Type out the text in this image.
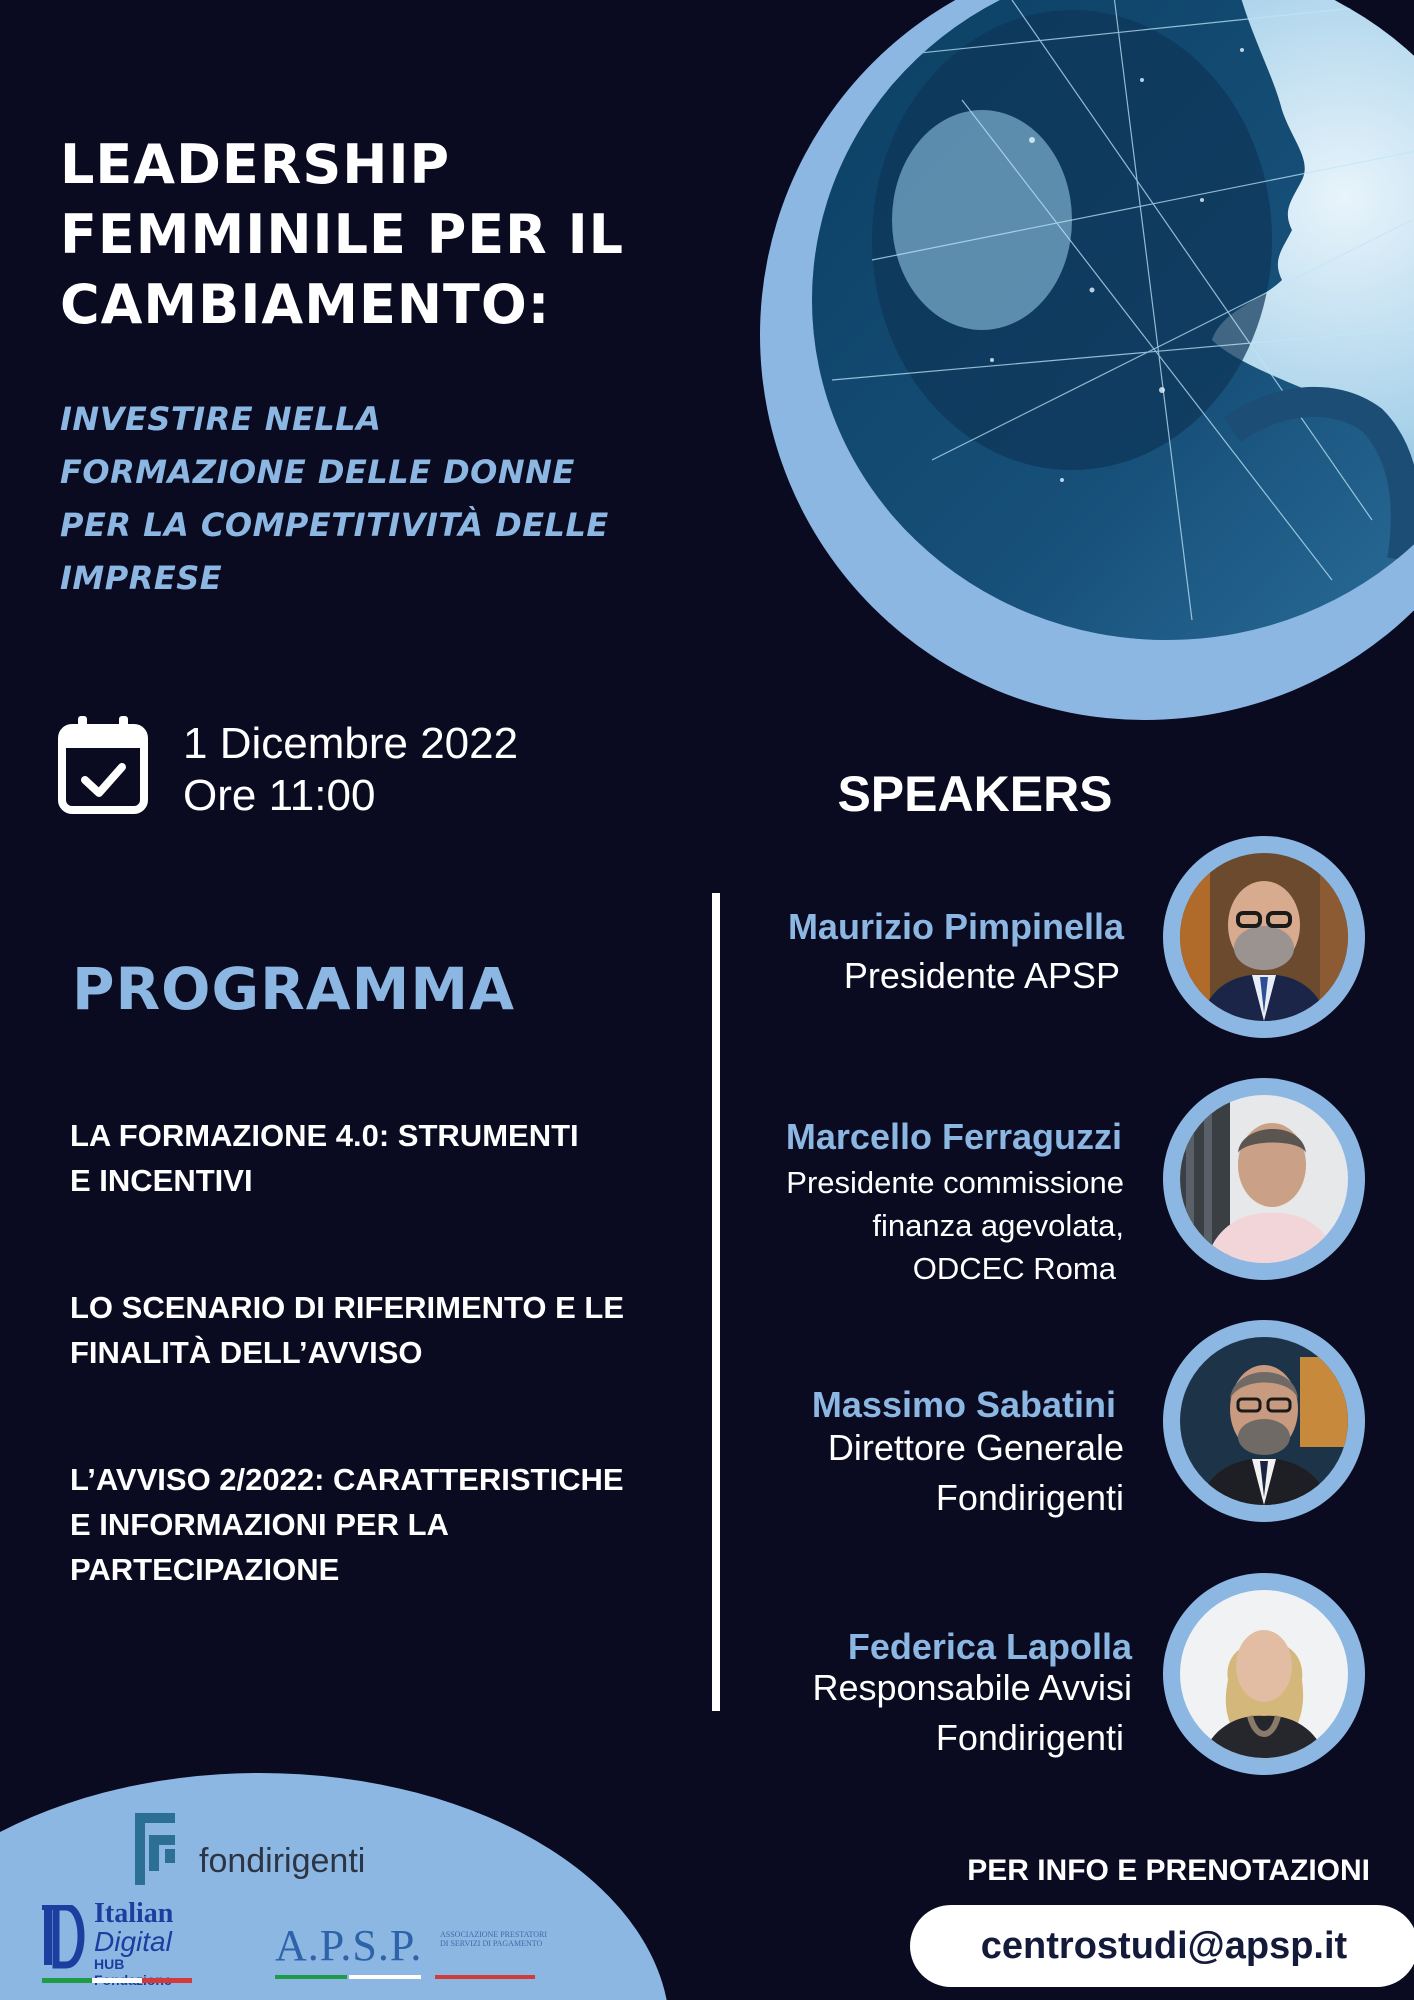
LEADERSHIP
FEMMINILE PER IL
CAMBIAMENTO:
INVESTIRE NELLA
FORMAZIONE DELLE DONNE
PER LA COMPETITIVITÀ DELLE
IMPRESE
1 Dicembre 2022
Ore 11:00	SPEAKERS
PROGRAMMA
LA FORMAZIONE 4.0: STRUMENTI
E INCENTIVI
LO SCENARIO DI RIFERIMENTO E LE
FINALITÀ DELL’AVVISO
L’AVVISO 2/2022: CARATTERISTICHE
E INFORMAZIONI PER LA
PARTECIPAZIONE
Maurizio Pimpinella
Presidente APSP
Marcello Ferraguzzi
Presidente commissione
finanza agevolata,
ODCEC Roma
Massimo Sabatini
Direttore Generale
Fondirigenti
Federica Lapolla
Responsabile Avvisi
Fondirigenti
fondirigenti
Italian
Digital
HUB	A.P.S.P. ASSOCIAZIONE PRESTATORI DI SERVIZI DI PAGAMENTO
PER INFO E PRENOTAZIONI
centrostudi@apsp.it
